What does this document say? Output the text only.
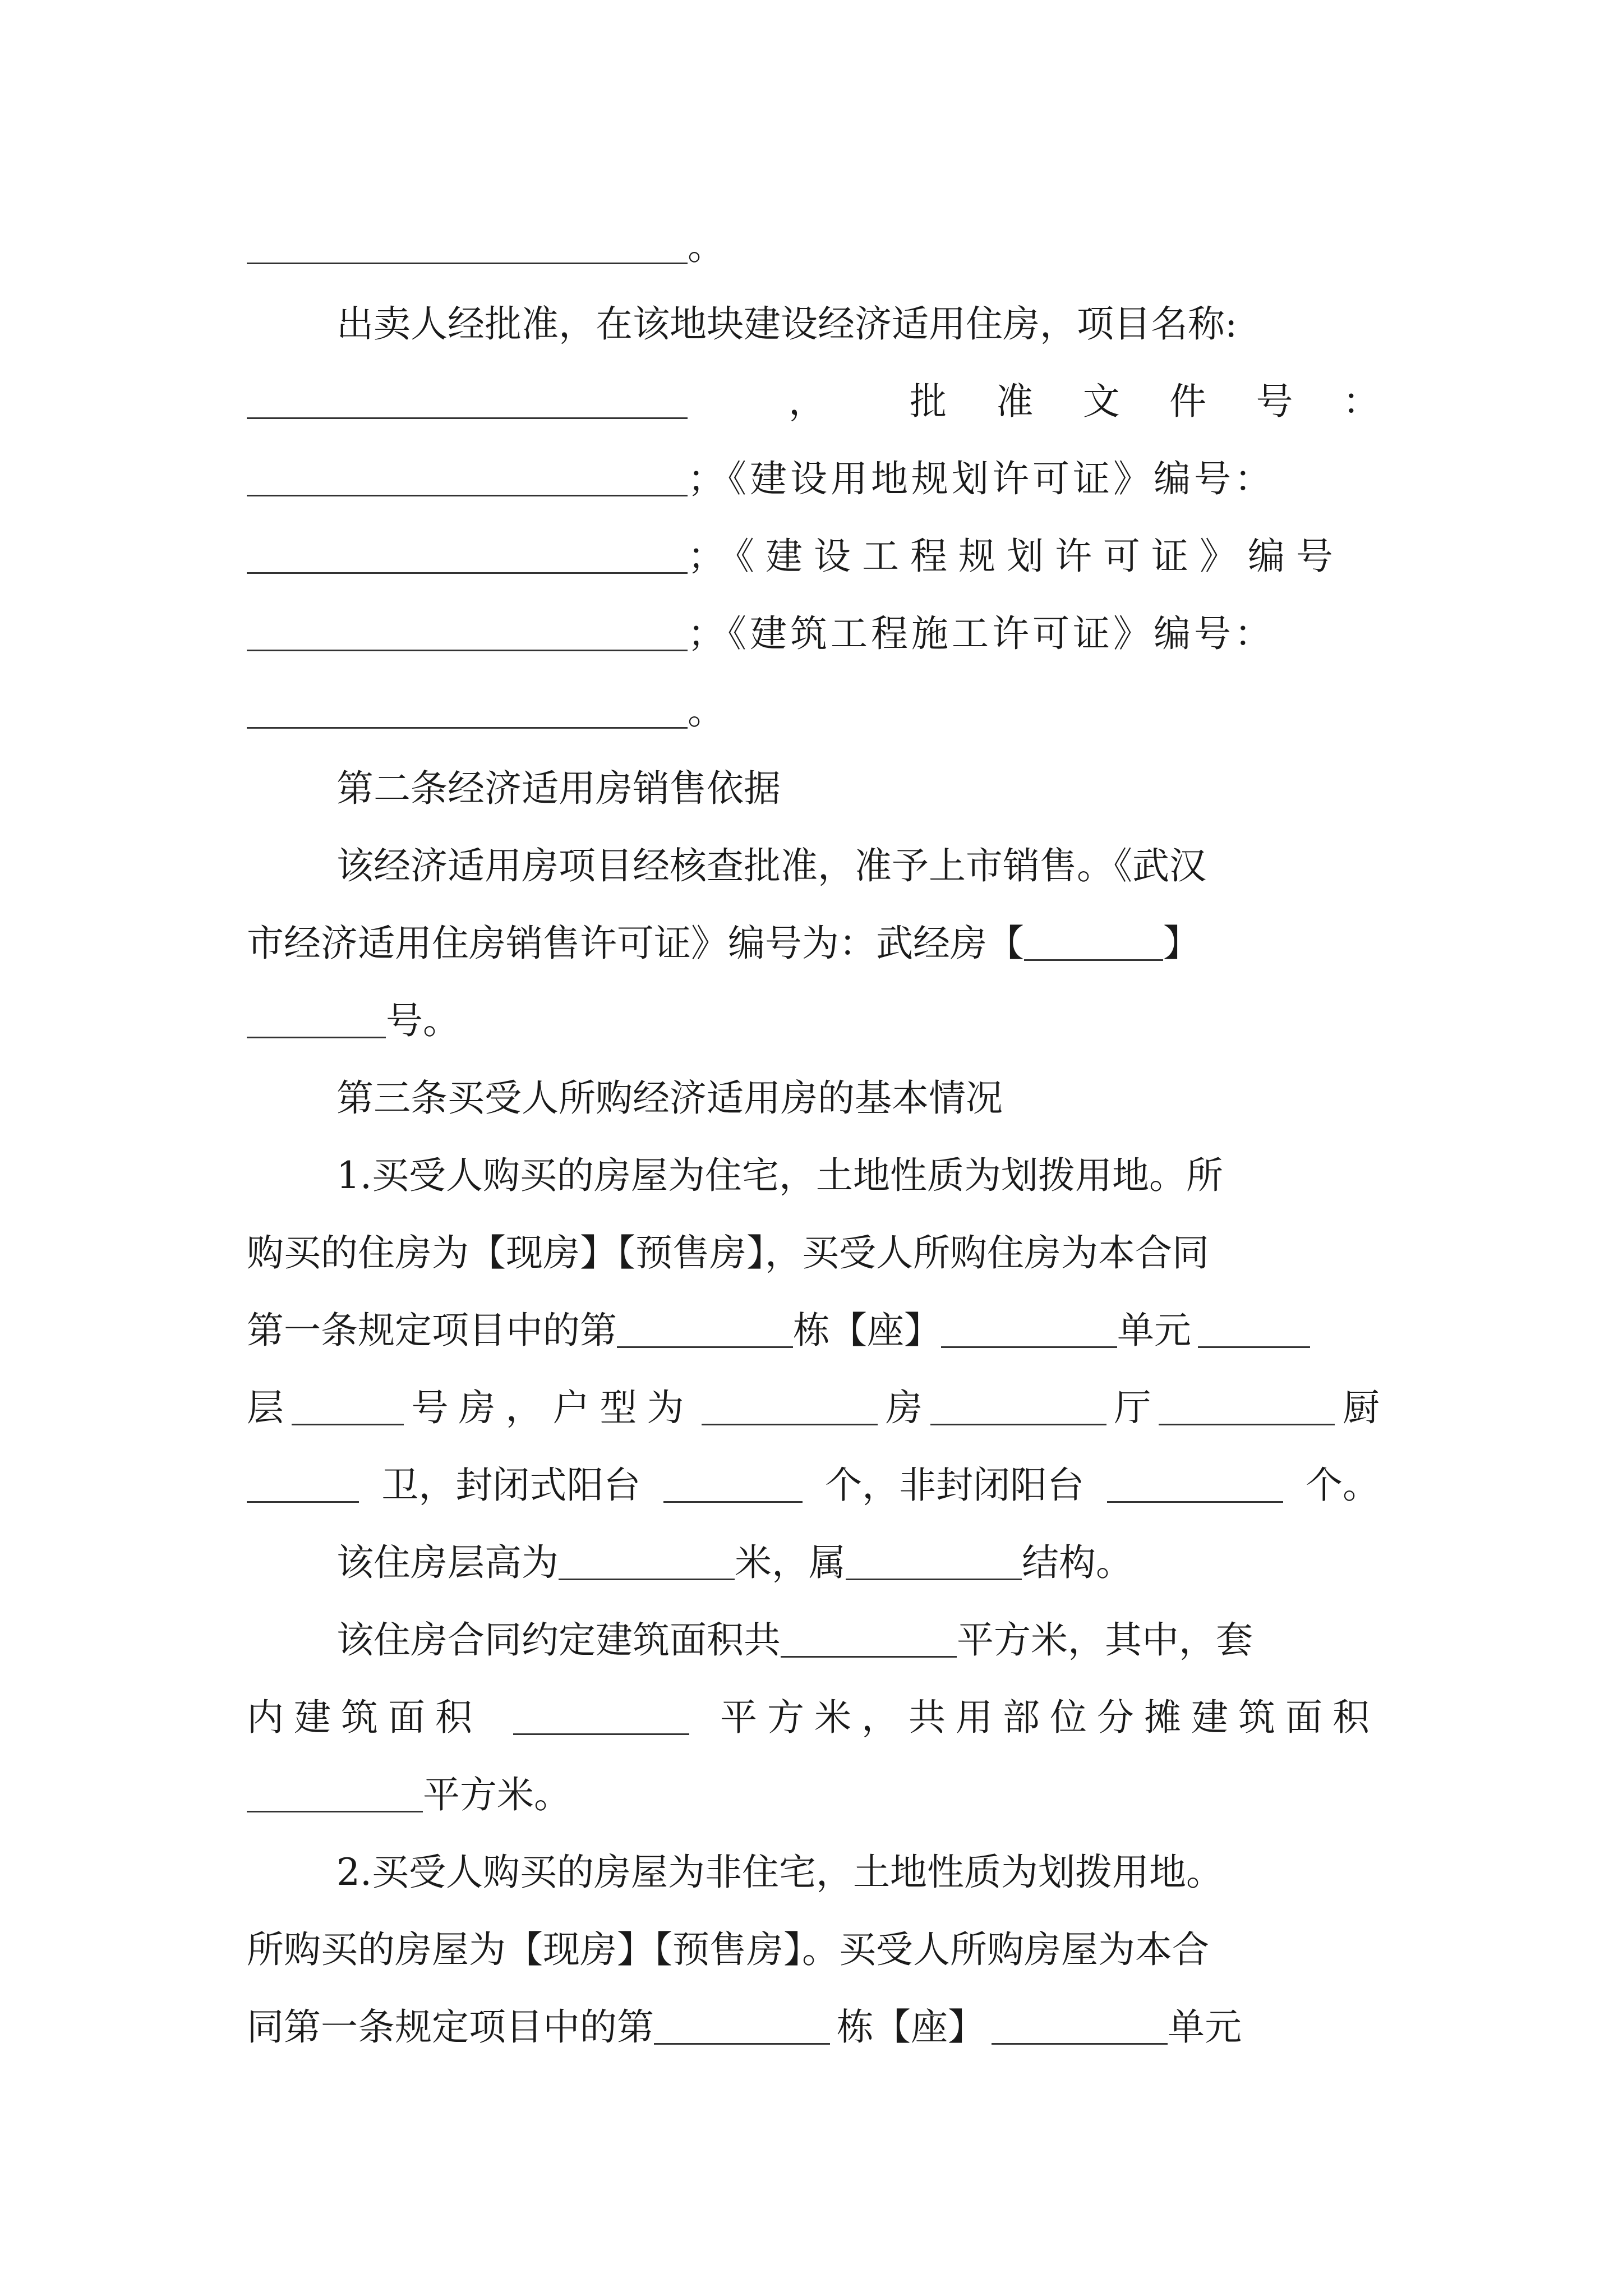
。
出卖人经批准，在该地块建设经济适用住房，项目名称:
， 批 准 文 件 号 ：
；《建设用地规划许可证》编号：
；《建设工程规划许可证》编号
；《建筑工程施工许可证》编号：
。
第二条经济适用房销售依据
该经济适用房项目经核查批准，准予上市销售。《武汉
市经济适用住房销售许可证》编号为：武经房【	】
号。
第三条买受人所购经济适用房的基本情况
1.买受人购买的房屋为住宅，土地性质为划拨用地。所
购买的住房为【现房】【预售房】，买受人所购住房为本合同
第一条规定项目中的第	栋【座】	单元
层	号房，户型为	房	厅	厨
卫，封闭式阳台	个，非封闭阳台	个。
该住房层高为	米，属	结构。
该住房合同约定建筑面积共	平方米，其中，套
内建筑面积	平方米，共用部位分摊建筑面积
平方米。
2.买受人购买的房屋为非住宅，土地性质为划拨用地。
所购买的房屋为【现房】【预售房】。买受人所购房屋为本合
同第一条规定项目中的第	栋【座】	单元
